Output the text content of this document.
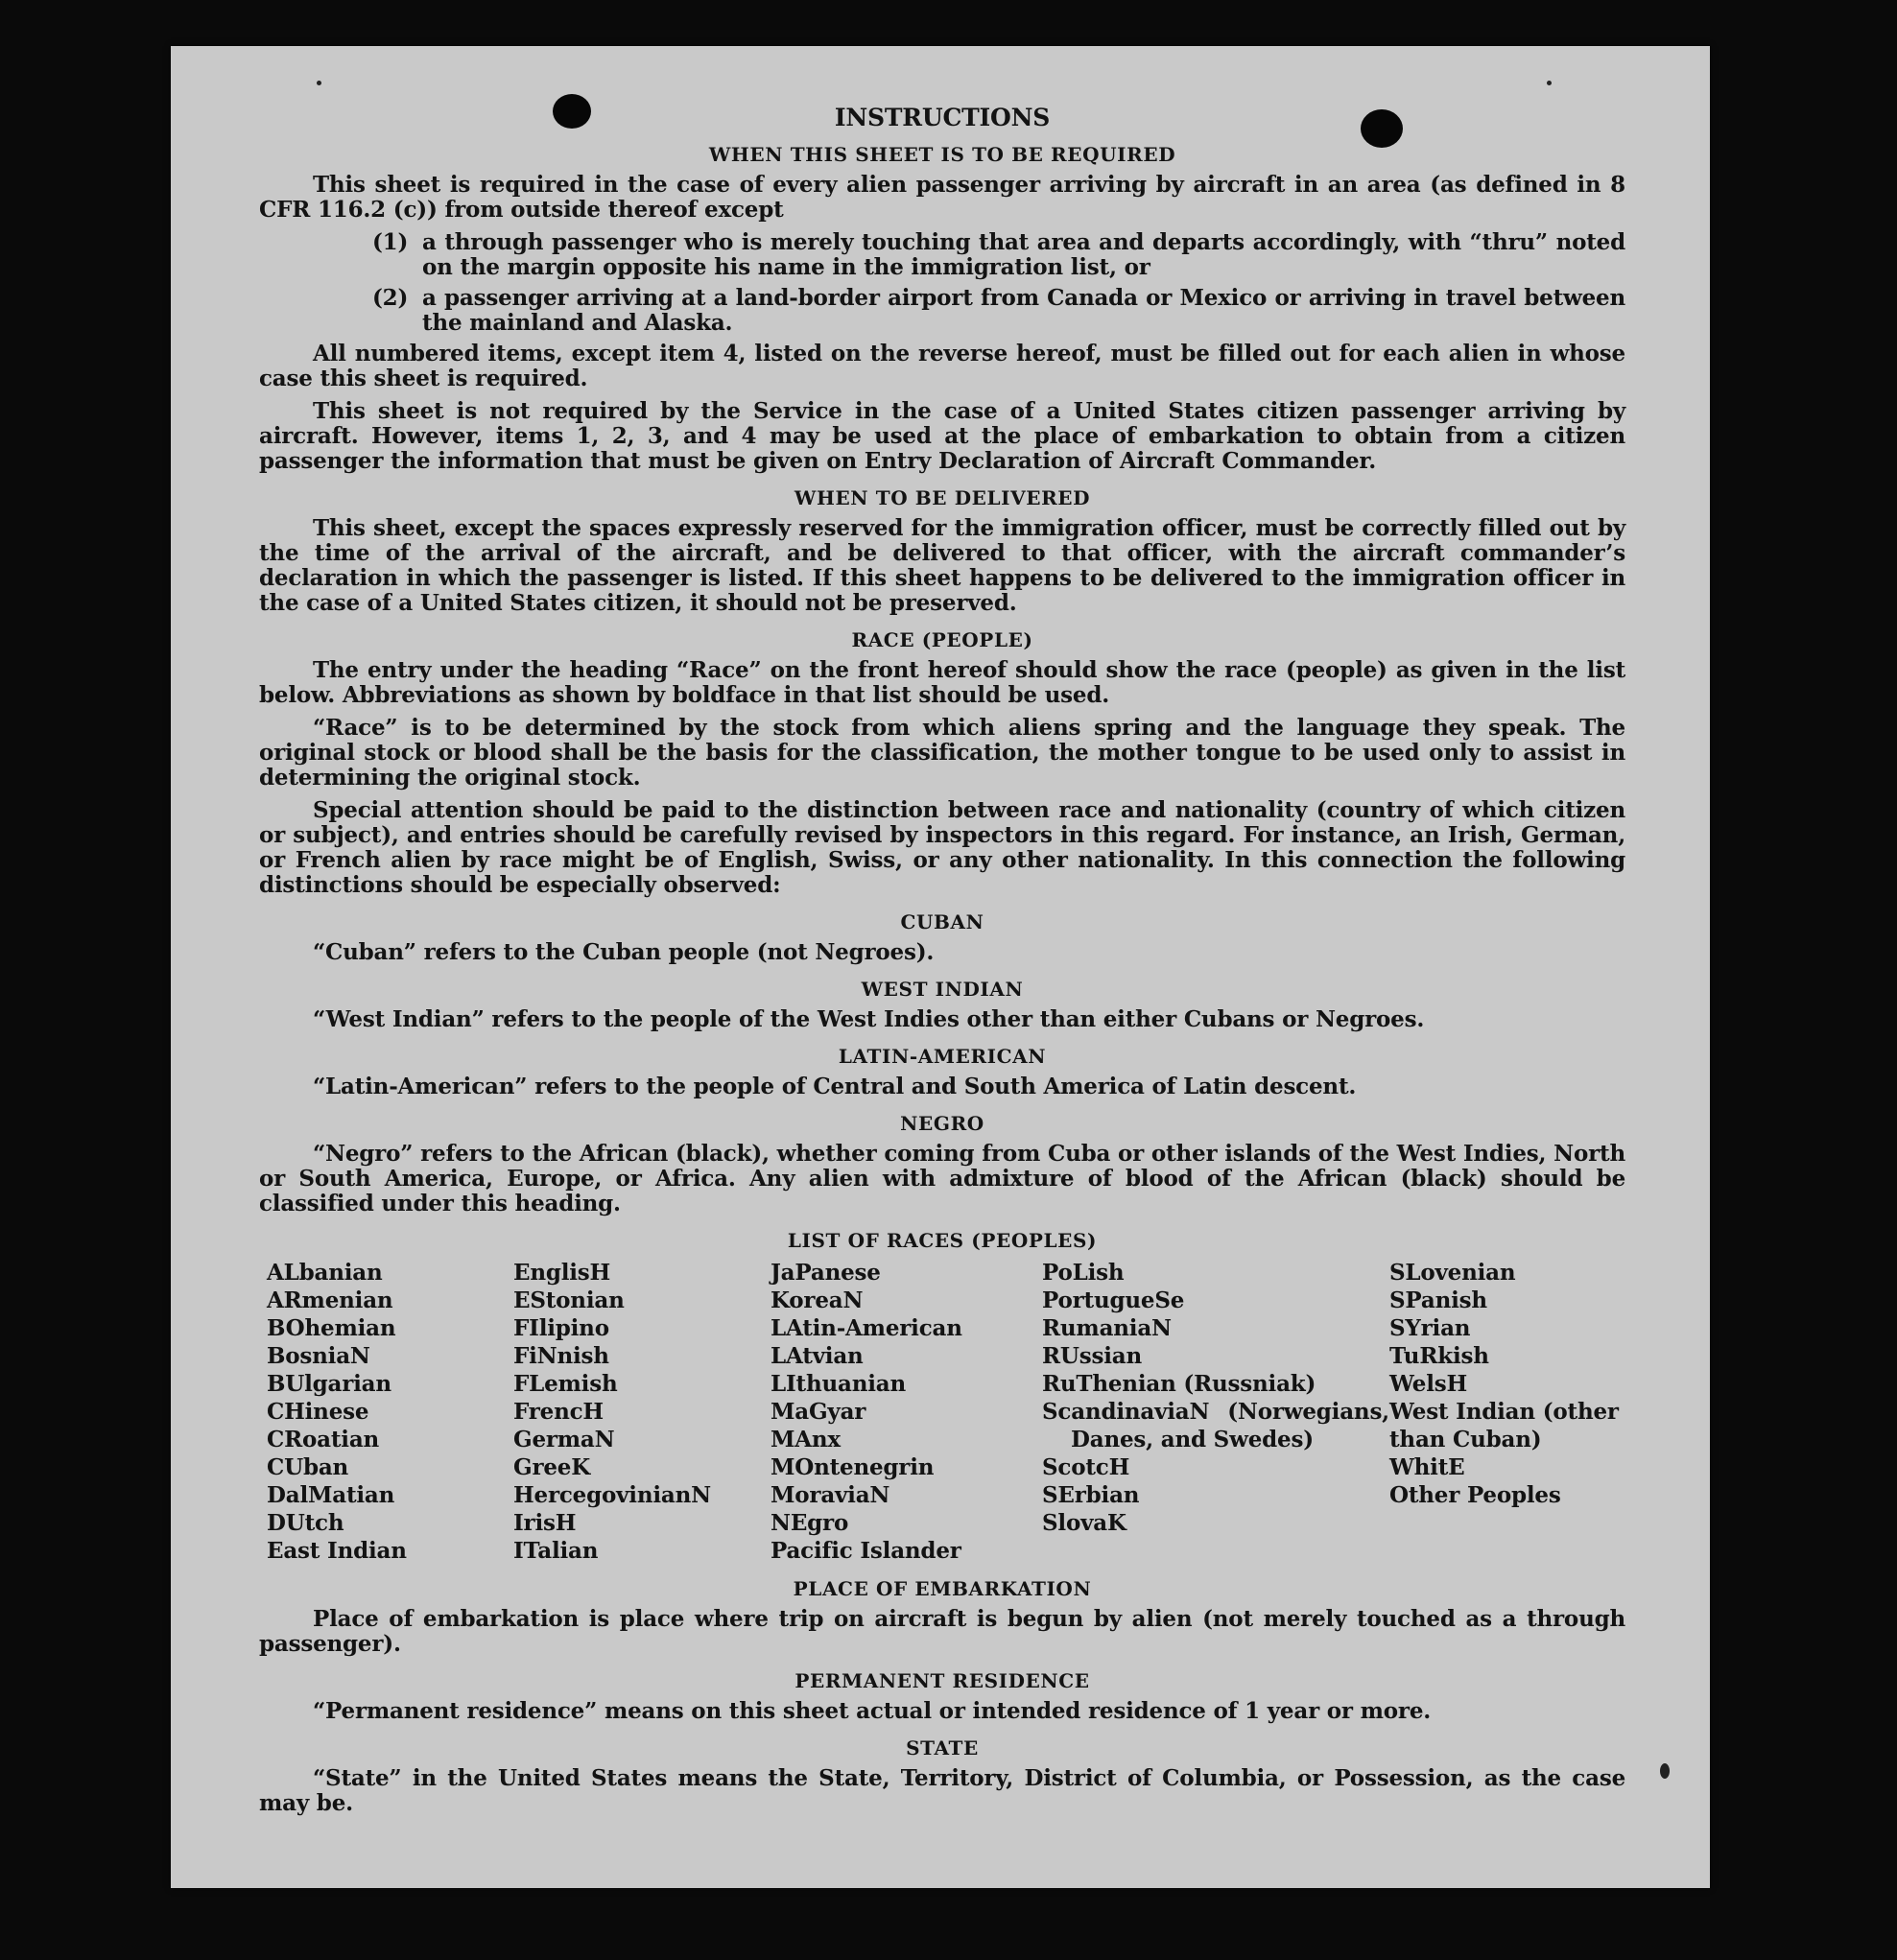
INSTRUCTIONS
WHEN THIS SHEET IS TO BE REQUIRED
This sheet is required in the case of every alien passenger arriving by aircraft in an area (as defined in 8 CFR 116.2 (c)) from outside thereof except
(1) a through passenger who is merely touching that area and departs accordingly, with “thru” noted on the margin opposite his name in the immigration list, or
(2) a passenger arriving at a land-border airport from Canada or Mexico or arriving in travel between the mainland and Alaska.
All numbered items, except item 4, listed on the reverse hereof, must be filled out for each alien in whose case this sheet is required.
This sheet is not required by the Service in the case of a United States citizen passenger arriving by aircraft. However, items 1, 2, 3, and 4 may be used at the place of embarkation to obtain from a citizen passenger the information that must be given on Entry Declaration of Aircraft Commander.
WHEN TO BE DELIVERED
This sheet, except the spaces expressly reserved for the immigration officer, must be correctly filled out by the time of the arrival of the aircraft, and be delivered to that officer, with the aircraft commander’s declaration in which the passenger is listed. If this sheet happens to be delivered to the immigration officer in the case of a United States citizen, it should not be preserved.
RACE (PEOPLE)
The entry under the heading “Race” on the front hereof should show the race (people) as given in the list below. Abbreviations as shown by boldface in that list should be used.
“Race” is to be determined by the stock from which aliens spring and the language they speak. The original stock or blood shall be the basis for the classification, the mother tongue to be used only to assist in determining the original stock.
Special attention should be paid to the distinction between race and nationality (country of which citizen or subject), and entries should be carefully revised by inspectors in this regard. For instance, an Irish, German, or French alien by race might be of English, Swiss, or any other nationality. In this connection the following distinctions should be especially observed:
CUBAN
“Cuban” refers to the Cuban people (not Negroes).
WEST INDIAN
“West Indian” refers to the people of the West Indies other than either Cubans or Negroes.
LATIN-AMERICAN
“Latin-American” refers to the people of Central and South America of Latin descent.
NEGRO
“Negro” refers to the African (black), whether coming from Cuba or other islands of the West Indies, North or South America, Europe, or Africa. Any alien with admixture of blood of the African (black) should be classified under this heading.
LIST OF RACES (PEOPLES)
ALbanian
ARmenian
BOhemian
BosniaN
BUlgarian
CHinese
CRoatian
CUban
DalMatian
DUtch
East Indian
EnglisH
EStonian
FIlipino
FiNnish
FLemish
FrencH
GermaN
GreeK
HercegovinianN
IrisH
ITalian
JaPanese
KoreaN
LAtin-American
LAtvian
LIthuanian
MaGyar
MAnx
MOntenegrin
MoraviaN
NEgro
Pacific Islander
PoLish
PortugueSe
RumaniaN
RUssian
RuThenian (Russniak)
ScandinaviaN (Norwegians, Danes, and Swedes)
ScotcH
SErbian
SlovaK
SLovenian
SPanish
SYrian
TuRkish
WelsH
West Indian (other than Cuban)
WhitE
Other Peoples
PLACE OF EMBARKATION
Place of embarkation is place where trip on aircraft is begun by alien (not merely touched as a through passenger).
PERMANENT RESIDENCE
“Permanent residence” means on this sheet actual or intended residence of 1 year or more.
STATE
“State” in the United States means the State, Territory, District of Columbia, or Possession, as the case may be.
